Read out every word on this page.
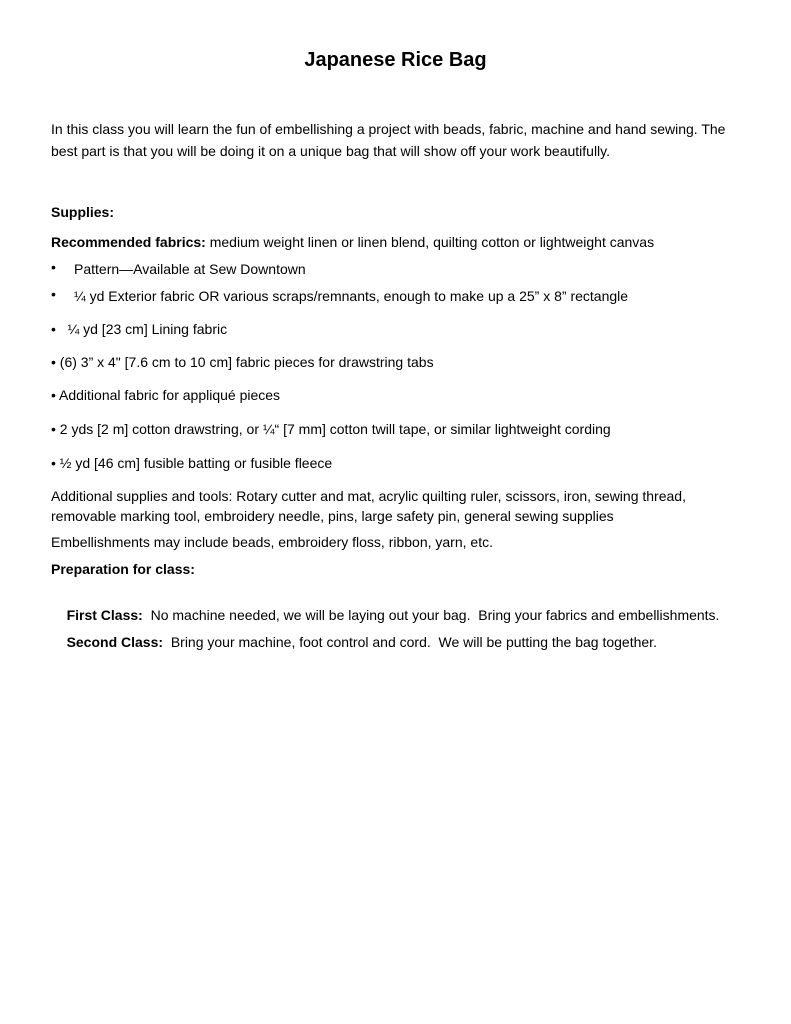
Japanese Rice Bag
In this class you will learn the fun of embellishing a project with beads, fabric, machine and hand sewing. The best part is that you will be doing it on a unique bag that will show off your work beautifully.
Supplies:
Recommended fabrics: medium weight linen or linen blend, quilting cotton or lightweight canvas
• Pattern—Available at Sew Downtown
• ¼ yd Exterior fabric OR various scraps/remnants, enough to make up a 25” x 8” rectangle
•   ¼ yd [23 cm] Lining fabric
• (6) 3” x 4" [7.6 cm to 10 cm] fabric pieces for drawstring tabs
• Additional fabric for appliqué pieces
• 2 yds [2 m] cotton drawstring, or ¼“ [7 mm] cotton twill tape, or similar lightweight cording
• ½ yd [46 cm] fusible batting or fusible fleece
Additional supplies and tools: Rotary cutter and mat, acrylic quilting ruler, scissors, iron, sewing thread, removable marking tool, embroidery needle, pins, large safety pin, general sewing supplies
Embellishments may include beads, embroidery floss, ribbon, yarn, etc.
Preparation for class:

First Class:  No machine needed, we will be laying out your bag.  Bring your fabrics and embellishments.

Second Class:  Bring your machine, foot control and cord.  We will be putting the bag together.
